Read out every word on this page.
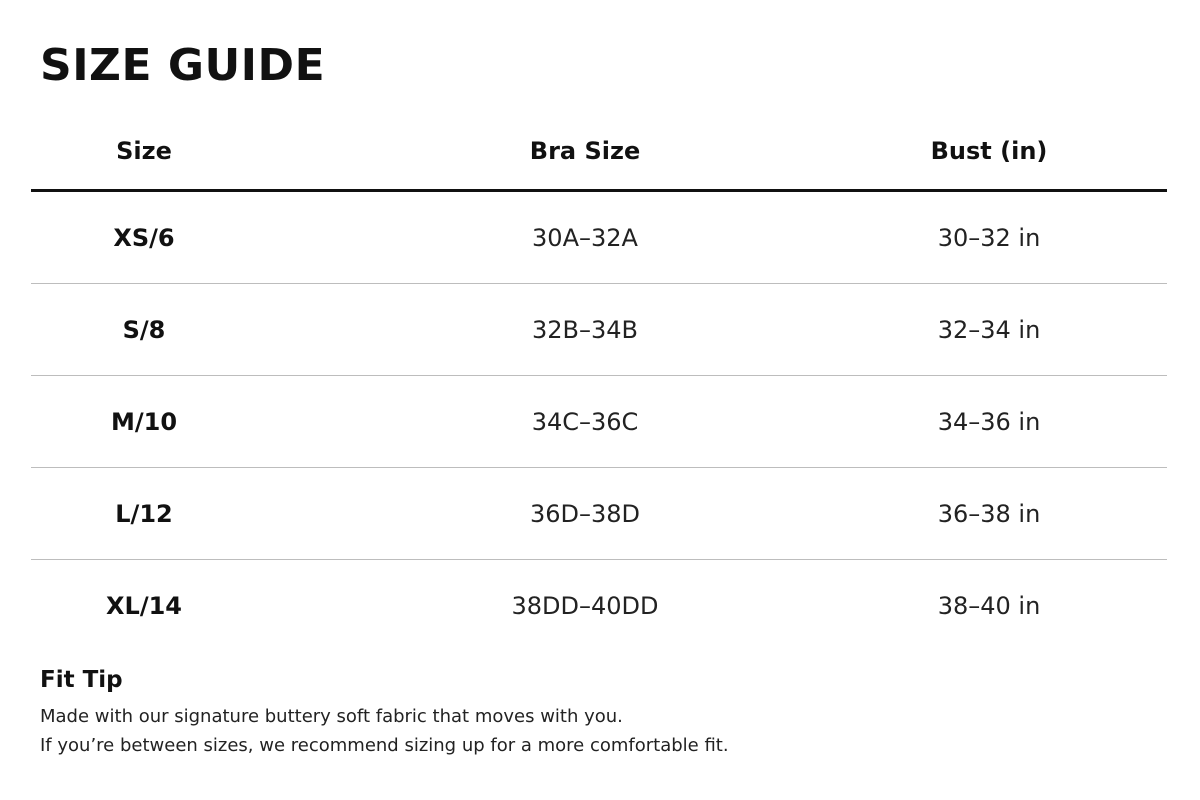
SIZE GUIDE
Size	Bra Size	Bust (in)
XS/6	30A–32A	30–32 in
S/8	32B–34B	32–34 in
M/10	34C–36C	34–36 in
L/12	36D–38D	36–38 in
XL/14	38DD–40DD	38–40 in

Fit Tip

Made with our signature buttery soft fabric that moves with you.

If you’re between sizes, we recommend sizing up for a more comfortable fit.
